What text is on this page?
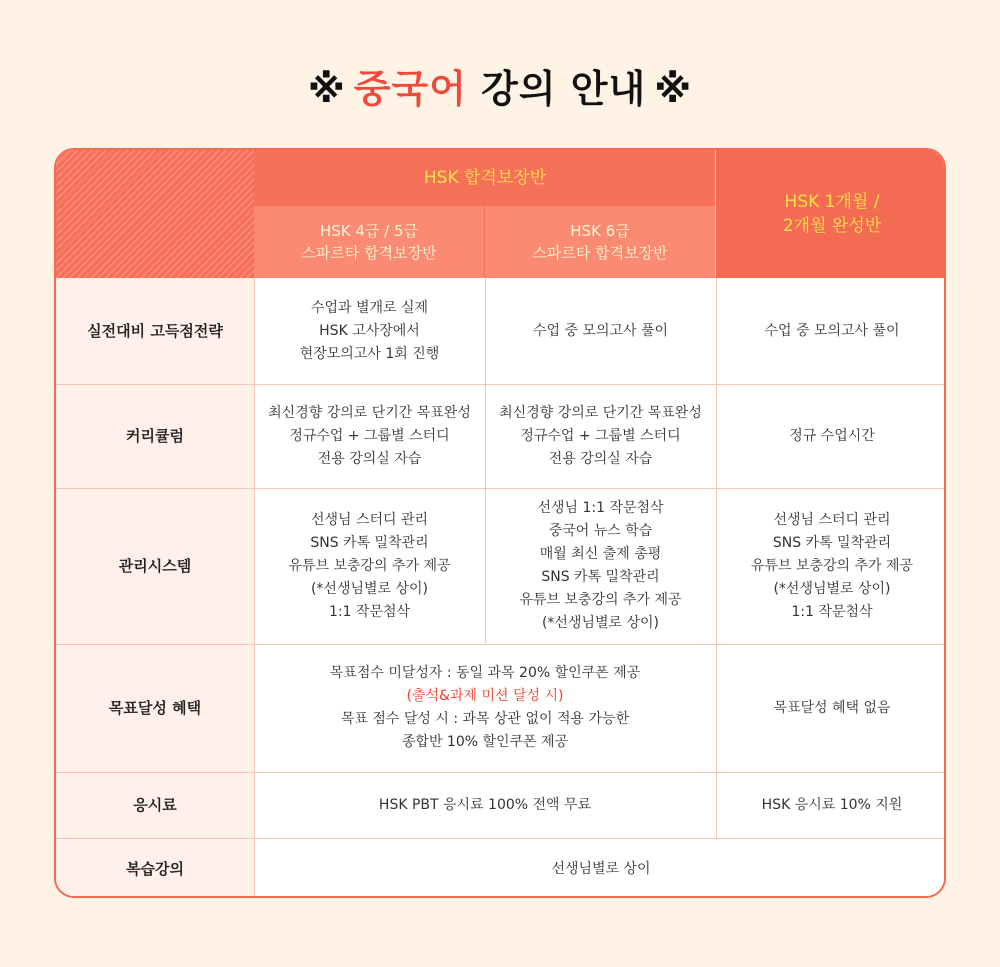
※ 중국어 강의 안내 ※
HSK 합격보장반
HSK 4급 / 5급
스파르타 합격보장반
HSK 6급
스파르타 합격보장반
HSK 1개월 /
2개월 완성반
실전대비 고득점전략
커리큘럼
관리시스템
목표달성 혜택
응시료
복습강의
수업과 별개로 실제
HSK 고사장에서
현장모의고사 1회 진행
수업 중 모의고사 풀이	수업 중 모의고사 풀이
최신경향 강의로 단기간 목표완성
정규수업 + 그룹별 스터디
전용 강의실 자습
최신경향 강의로 단기간 목표완성
정규수업 + 그룹별 스터디
전용 강의실 자습
정규 수업시간
선생님 스터디 관리
SNS 카톡 밀착관리
유튜브 보충강의 추가 제공
(*선생님별로 상이)
1:1 작문첨삭
선생님 1:1 작문첨삭
중국어 뉴스 학습
매월 최신 출제 총평
SNS 카톡 밀착관리
유튜브 보충강의 추가 제공
(*선생님별로 상이)
선생님 스터디 관리
SNS 카톡 밀착관리
유튜브 보충강의 추가 제공
(*선생님별로 상이)
1:1 작문첨삭
목표점수 미달성자 : 동일 과목 20% 할인쿠폰 제공
(출석&과제 미션 달성 시)
목표 점수 달성 시 : 과목 상관 없이 적용 가능한
종합반 10% 할인쿠폰 제공
목표달성 혜택 없음
HSK PBT 응시료 100% 전액 무료	HSK 응시료 10% 지원
선생님별로 상이
